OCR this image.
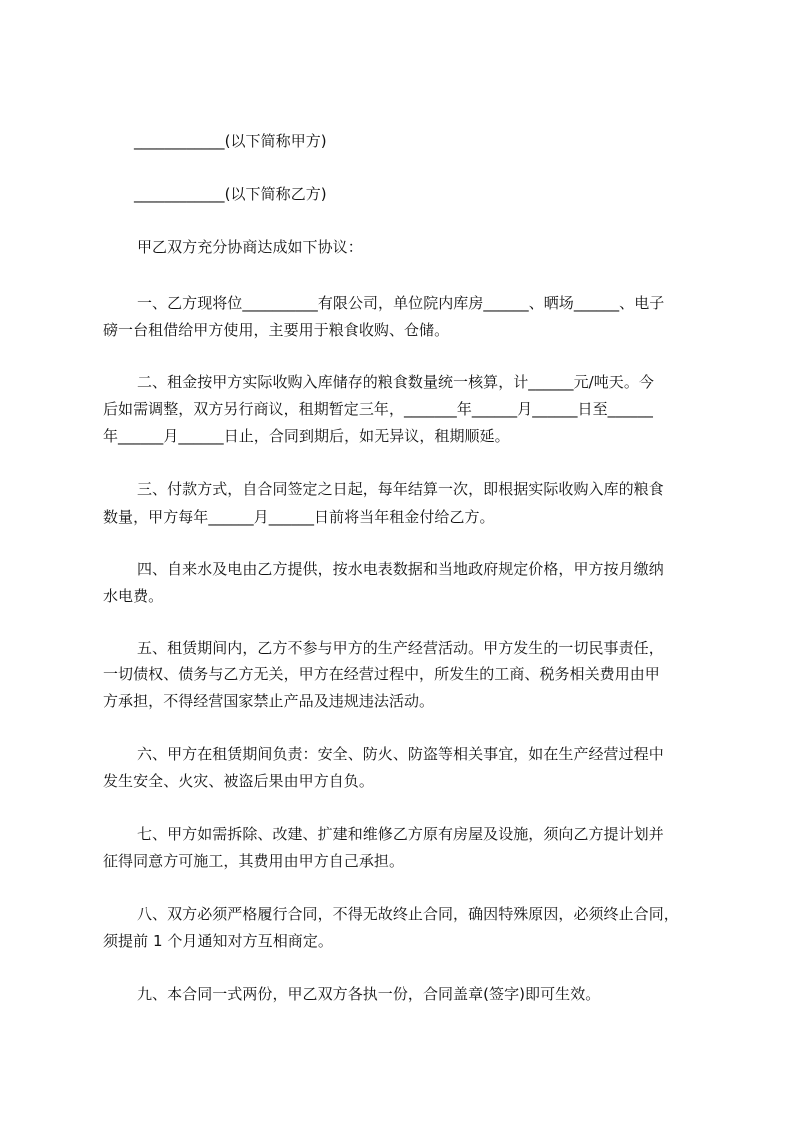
____________(以下简称甲方)
____________(以下简称乙方)
甲乙双方充分协商达成如下协议：
一、乙方现将位__________有限公司，单位院内库房______、晒场______、电子
磅一台租借给甲方使用，主要用于粮食收购、仓储。
二、租金按甲方实际收购入库储存的粮食数量统一核算，计______元/吨天。今
后如需调整，双方另行商议，租期暂定三年，_______年______月______日至______
年______月______日止，合同到期后，如无异议，租期顺延。
三、付款方式，自合同签定之日起，每年结算一次，即根据实际收购入库的粮食
数量，甲方每年______月______日前将当年租金付给乙方。
四、自来水及电由乙方提供，按水电表数据和当地政府规定价格，甲方按月缴纳
水电费。
五、租赁期间内，乙方不参与甲方的生产经营活动。甲方发生的一切民事责任，
一切债权、债务与乙方无关，甲方在经营过程中，所发生的工商、税务相关费用由甲
方承担，不得经营国家禁止产品及违规违法活动。
六、甲方在租赁期间负责：安全、防火、防盗等相关事宜，如在生产经营过程中
发生安全、火灾、被盗后果由甲方自负。
七、甲方如需拆除、改建、扩建和维修乙方原有房屋及设施，须向乙方提计划并
征得同意方可施工，其费用由甲方自己承担。
八、双方必须严格履行合同，不得无故终止合同，确因特殊原因，必须终止合同，
须提前 1 个月通知对方互相商定。
九、本合同一式两份，甲乙双方各执一份，合同盖章(签字)即可生效。
